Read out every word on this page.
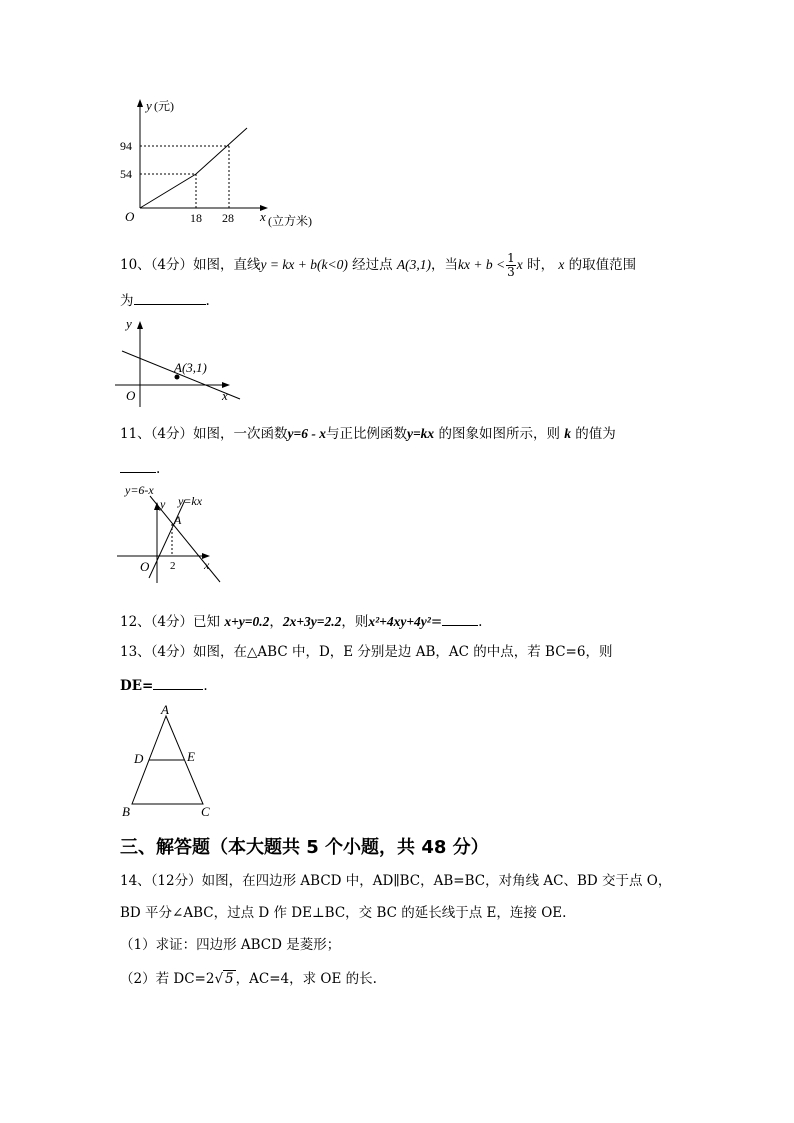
y (元)
x (立方米)
O
94
54
18 28
10、（4分）如图，直线y = kx + b(k<0) 经过点 A(3,1)，当kx + $b < \frac{1}{3}$ x 时， x 的取值范围
为	.
y
x
O
A(3,1)
11、（4分）如图，一次函数y=6 - x与正比例函数y=kx 的图象如图所示，则 k 的值为
.
y=6-x
y=kx
y
x
O
A
2
12、（4分）已知 x+y=0.2，2x+3y=2.2，则x²+4xy+4y²=	.
13、（4分）如图，在△ABC 中，D，E 分别是边 AB，AC 的中点，若 BC=6，则
DE=	.
A
B	C
D	E
三、解答题（本大题共 5 个小题，共 48 分）
14、（12分）如图，在四边形 ABCD 中，AD∥BC，AB=BC，对角线 AC、BD 交于点 O，
BD 平分∠ABC，过点 D 作 DE⊥BC，交 BC 的延长线于点 E，连接 OE.
（1）求证：四边形 ABCD 是菱形；
（2）若 DC=2√ 5 ，AC=4，求 OE 的长.
